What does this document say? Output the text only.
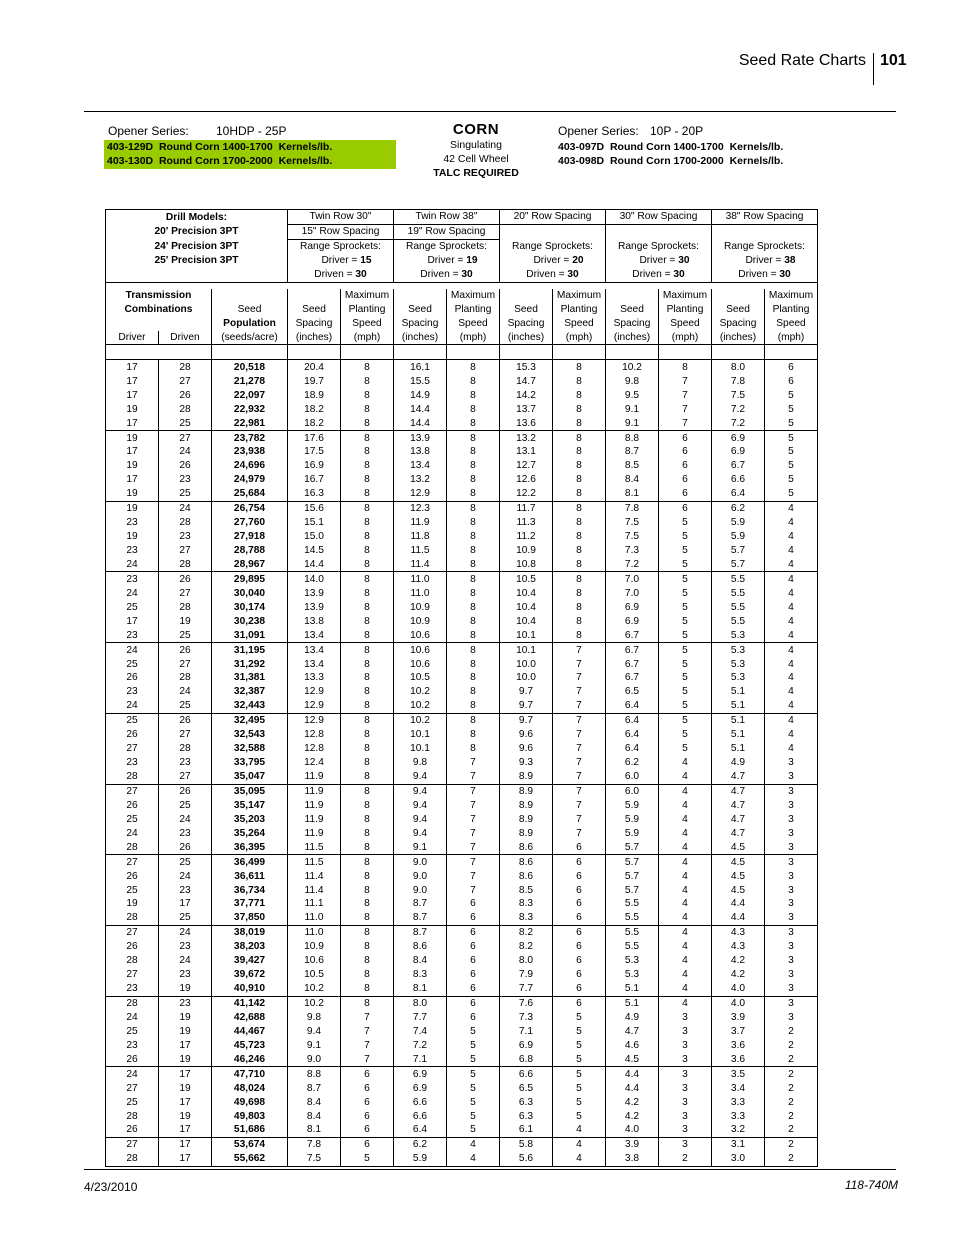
Seed Rate Charts 101
Opener Series: 10HDP - 25P
403-129D  Round Corn 1400-1700  Kernels/lb.
403-130D  Round Corn 1700-2000  Kernels/lb.
CORN
Singulating
42 Cell Wheel
TALC REQUIRED
Opener Series: 10P - 20P
403-097D  Round Corn 1400-1700  Kernels/lb.
403-098D  Round Corn 1700-2000  Kernels/lb.
Drill Models:			Twin Row 30"		Twin Row 38"		20" Row Spacing		30" Row Spacing		38" Row Spacing	
20' Precision 3PT			15" Row Spacing		19" Row Spacing							
24' Precision 3PT			Range Sprockets:		Range Sprockets:		Range Sprockets:		Range Sprockets:		Range Sprockets:	
25' Precision 3PT			Driver = 15		Driver = 19		Driver = 20		Driver = 30		Driver = 38	
			Driven = 30		Driven = 30		Driven = 30		Driven = 30		Driven = 30	

Transmission				Maximum		Maximum		Maximum		Maximum		Maximum
Combinations		Seed	Seed	Planting	Seed	Planting	Seed	Planting	Seed	Planting	Seed	Planting
		Population	Spacing	Speed	Spacing	Speed	Spacing	Speed	Spacing	Speed	Spacing	Speed
Driver	Driven	(seeds/acre)	(inches)	(mph)	(inches)	(mph)	(inches)	(mph)	(inches)	(mph)	(inches)	(mph)

17	28	20,518	20.4	8	16.1	8	15.3	8	10.2	8	8.0	6
17	27	21,278	19.7	8	15.5	8	14.7	8	9.8	7	7.8	6
17	26	22,097	18.9	8	14.9	8	14.2	8	9.5	7	7.5	5
19	28	22,932	18.2	8	14.4	8	13.7	8	9.1	7	7.2	5
17	25	22,981	18.2	8	14.4	8	13.6	8	9.1	7	7.2	5
19	27	23,782	17.6	8	13.9	8	13.2	8	8.8	6	6.9	5
17	24	23,938	17.5	8	13.8	8	13.1	8	8.7	6	6.9	5
19	26	24,696	16.9	8	13.4	8	12.7	8	8.5	6	6.7	5
17	23	24,979	16.7	8	13.2	8	12.6	8	8.4	6	6.6	5
19	25	25,684	16.3	8	12.9	8	12.2	8	8.1	6	6.4	5
19	24	26,754	15.6	8	12.3	8	11.7	8	7.8	6	6.2	4
23	28	27,760	15.1	8	11.9	8	11.3	8	7.5	5	5.9	4
19	23	27,918	15.0	8	11.8	8	11.2	8	7.5	5	5.9	4
23	27	28,788	14.5	8	11.5	8	10.9	8	7.3	5	5.7	4
24	28	28,967	14.4	8	11.4	8	10.8	8	7.2	5	5.7	4
23	26	29,895	14.0	8	11.0	8	10.5	8	7.0	5	5.5	4
24	27	30,040	13.9	8	11.0	8	10.4	8	7.0	5	5.5	4
25	28	30,174	13.9	8	10.9	8	10.4	8	6.9	5	5.5	4
17	19	30,238	13.8	8	10.9	8	10.4	8	6.9	5	5.5	4
23	25	31,091	13.4	8	10.6	8	10.1	8	6.7	5	5.3	4
24	26	31,195	13.4	8	10.6	8	10.1	7	6.7	5	5.3	4
25	27	31,292	13.4	8	10.6	8	10.0	7	6.7	5	5.3	4
26	28	31,381	13.3	8	10.5	8	10.0	7	6.7	5	5.3	4
23	24	32,387	12.9	8	10.2	8	9.7	7	6.5	5	5.1	4
24	25	32,443	12.9	8	10.2	8	9.7	7	6.4	5	5.1	4
25	26	32,495	12.9	8	10.2	8	9.7	7	6.4	5	5.1	4
26	27	32,543	12.8	8	10.1	8	9.6	7	6.4	5	5.1	4
27	28	32,588	12.8	8	10.1	8	9.6	7	6.4	5	5.1	4
23	23	33,795	12.4	8	9.8	7	9.3	7	6.2	4	4.9	3
28	27	35,047	11.9	8	9.4	7	8.9	7	6.0	4	4.7	3
27	26	35,095	11.9	8	9.4	7	8.9	7	6.0	4	4.7	3
26	25	35,147	11.9	8	9.4	7	8.9	7	5.9	4	4.7	3
25	24	35,203	11.9	8	9.4	7	8.9	7	5.9	4	4.7	3
24	23	35,264	11.9	8	9.4	7	8.9	7	5.9	4	4.7	3
28	26	36,395	11.5	8	9.1	7	8.6	6	5.7	4	4.5	3
27	25	36,499	11.5	8	9.0	7	8.6	6	5.7	4	4.5	3
26	24	36,611	11.4	8	9.0	7	8.6	6	5.7	4	4.5	3
25	23	36,734	11.4	8	9.0	7	8.5	6	5.7	4	4.5	3
19	17	37,771	11.1	8	8.7	6	8.3	6	5.5	4	4.4	3
28	25	37,850	11.0	8	8.7	6	8.3	6	5.5	4	4.4	3
27	24	38,019	11.0	8	8.7	6	8.2	6	5.5	4	4.3	3
26	23	38,203	10.9	8	8.6	6	8.2	6	5.5	4	4.3	3
28	24	39,427	10.6	8	8.4	6	8.0	6	5.3	4	4.2	3
27	23	39,672	10.5	8	8.3	6	7.9	6	5.3	4	4.2	3
23	19	40,910	10.2	8	8.1	6	7.7	6	5.1	4	4.0	3
28	23	41,142	10.2	8	8.0	6	7.6	6	5.1	4	4.0	3
24	19	42,688	9.8	7	7.7	6	7.3	5	4.9	3	3.9	3
25	19	44,467	9.4	7	7.4	5	7.1	5	4.7	3	3.7	2
23	17	45,723	9.1	7	7.2	5	6.9	5	4.6	3	3.6	2
26	19	46,246	9.0	7	7.1	5	6.8	5	4.5	3	3.6	2
24	17	47,710	8.8	6	6.9	5	6.6	5	4.4	3	3.5	2
27	19	48,024	8.7	6	6.9	5	6.5	5	4.4	3	3.4	2
25	17	49,698	8.4	6	6.6	5	6.3	5	4.2	3	3.3	2
28	19	49,803	8.4	6	6.6	5	6.3	5	4.2	3	3.3	2
26	17	51,686	8.1	6	6.4	5	6.1	4	4.0	3	3.2	2
27	17	53,674	7.8	6	6.2	4	5.8	4	3.9	3	3.1	2
28	17	55,662	7.5	5	5.9	4	5.6	4	3.8	2	3.0	2
4/23/2010	118-740M
